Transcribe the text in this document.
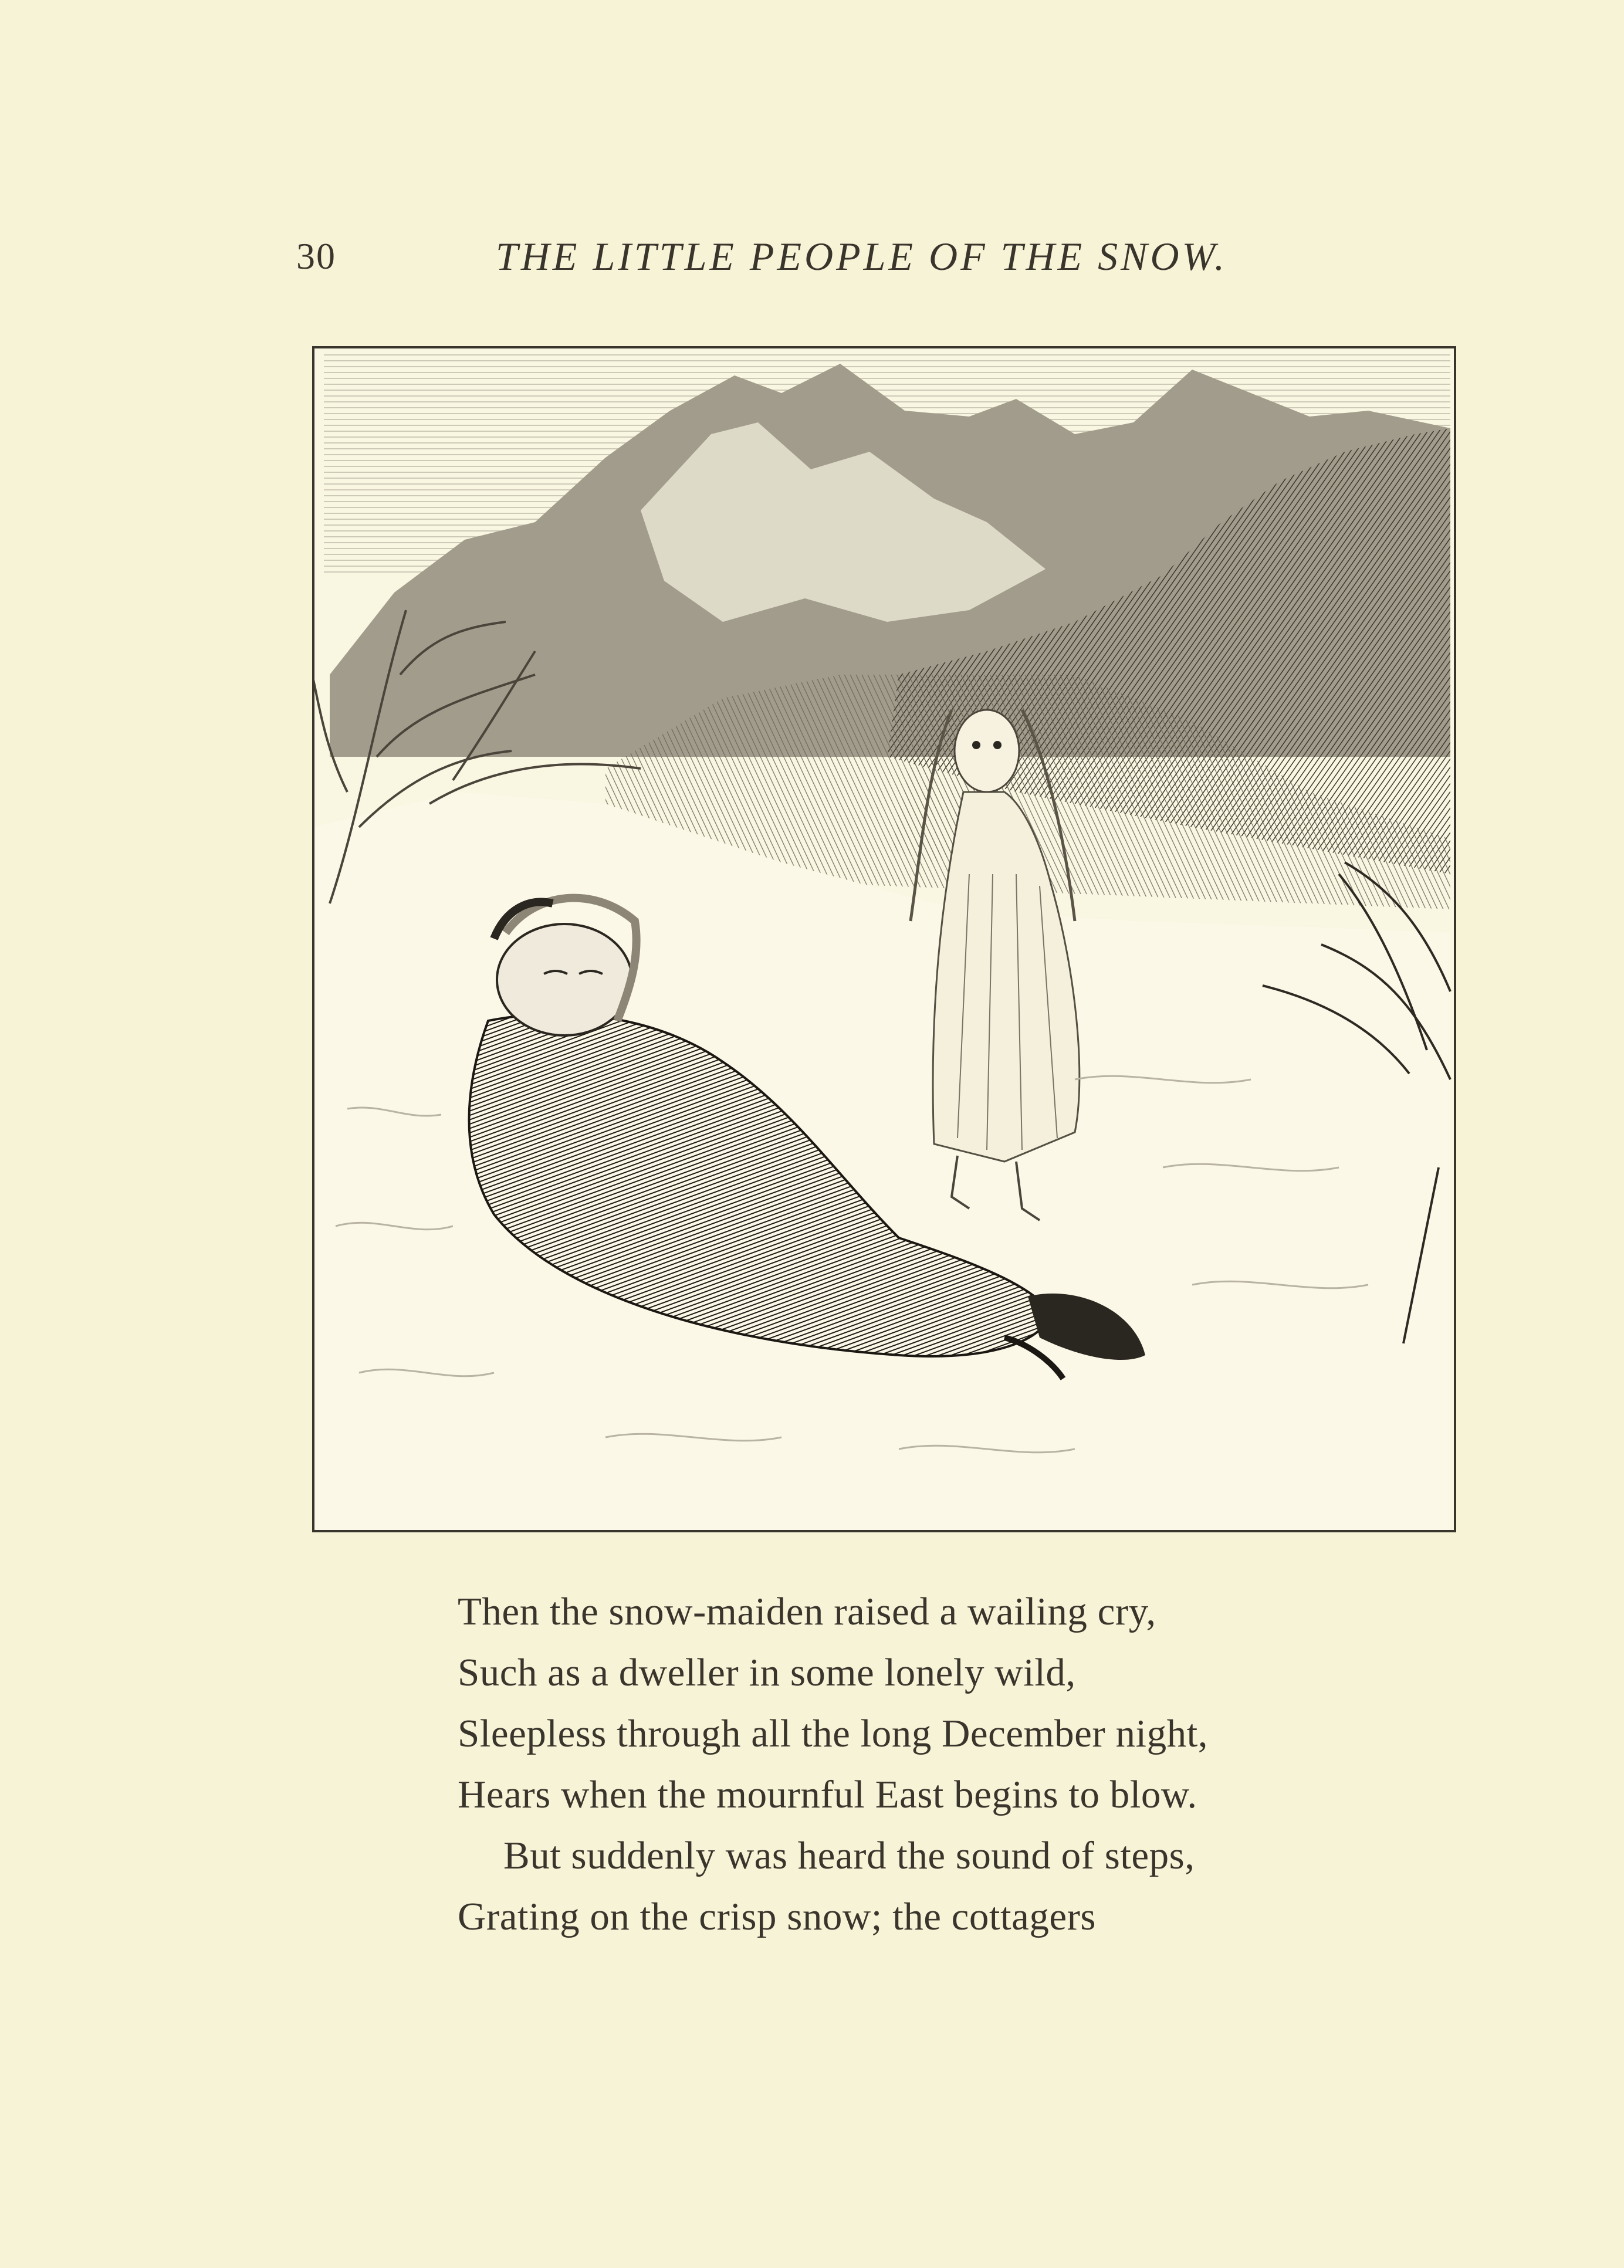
30	THE LITTLE PEOPLE OF THE SNOW.
Then the snow-maiden raised a wailing cry,
Such as a dweller in some lonely wild,
Sleepless through all the long December night,
Hears when the mournful East begins to blow.
But suddenly was heard the sound of steps,
Grating on the crisp snow; the cottagers
